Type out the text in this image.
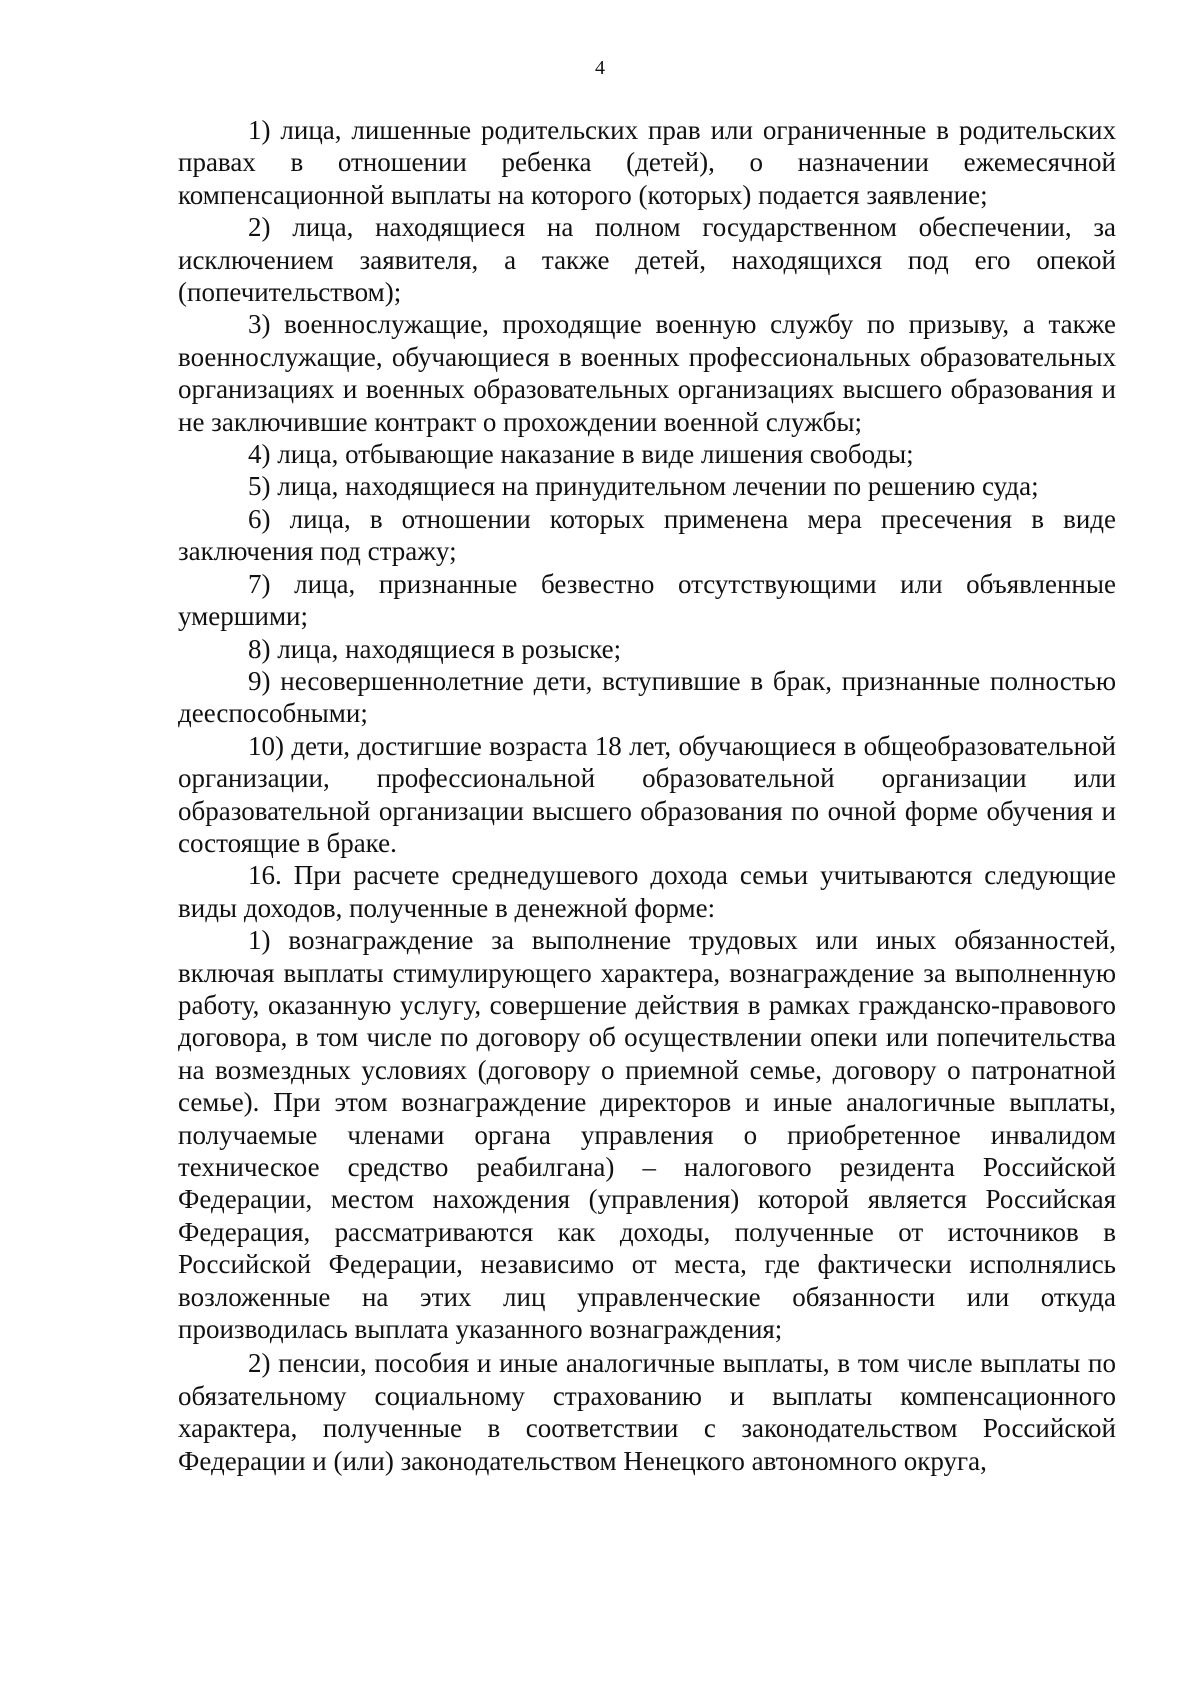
4

1) лица, лишенные родительских прав или ограниченные в родительских правах в отношении ребенка (детей), о назначении ежемесячной компенсационной выплаты на которого (которых) подается заявление;

2) лица, находящиеся на полном государственном обеспечении, за исключением заявителя, а также детей, находящихся под его опекой (попечительством);

3) военнослужащие, проходящие военную службу по призыву, а также военнослужащие, обучающиеся в военных профессиональных образовательных организациях и военных образовательных организациях высшего образования и не заключившие контракт о прохождении военной службы;

4) лица, отбывающие наказание в виде лишения свободы;

5) лица, находящиеся на принудительном лечении по решению суда;

6) лица, в отношении которых применена мера пресечения в виде заключения под стражу;

7) лица, признанные безвестно отсутствующими или объявленные умершими;

8) лица, находящиеся в розыске;

9) несовершеннолетние дети, вступившие в брак, признанные полностью дееспособными;

10) дети, достигшие возраста 18 лет, обучающиеся в общеобразовательной организации, профессиональной образовательной организации или образовательной организации высшего образования по очной форме обучения и состоящие в браке.

16. При расчете среднедушевого дохода семьи учитываются следующие виды доходов, полученные в денежной форме:

1) вознаграждение за выполнение трудовых или иных обязанностей, включая выплаты стимулирующего характера, вознаграждение за выполненную работу, оказанную услугу, совершение действия в рамках гражданско-правового договора, в том числе по договору об осуществлении опеки или попечительства на возмездных условиях (договору о приемной семье, договору о патронатной семье). При этом вознаграждение директоров и иные аналогичные выплаты, получаемые членами органа управления о приобретенное инвалидом техническое средство реабилгана) – налогового резидента Российской Федерации, местом нахождения (управления) которой является Российская Федерация, рассматриваются как доходы, полученные от источников в Российской Федерации, независимо от места, где фактически исполнялись возложенные на этих лиц управленческие обязанности или откуда производилась выплата указанного вознаграждения;

2) пенсии, пособия и иные аналогичные выплаты, в том числе выплаты по обязательному социальному страхованию и выплаты компенсационного характера, полученные в соответствии с законодательством Российской Федерации и (или) законодательством Ненецкого автономного округа,
